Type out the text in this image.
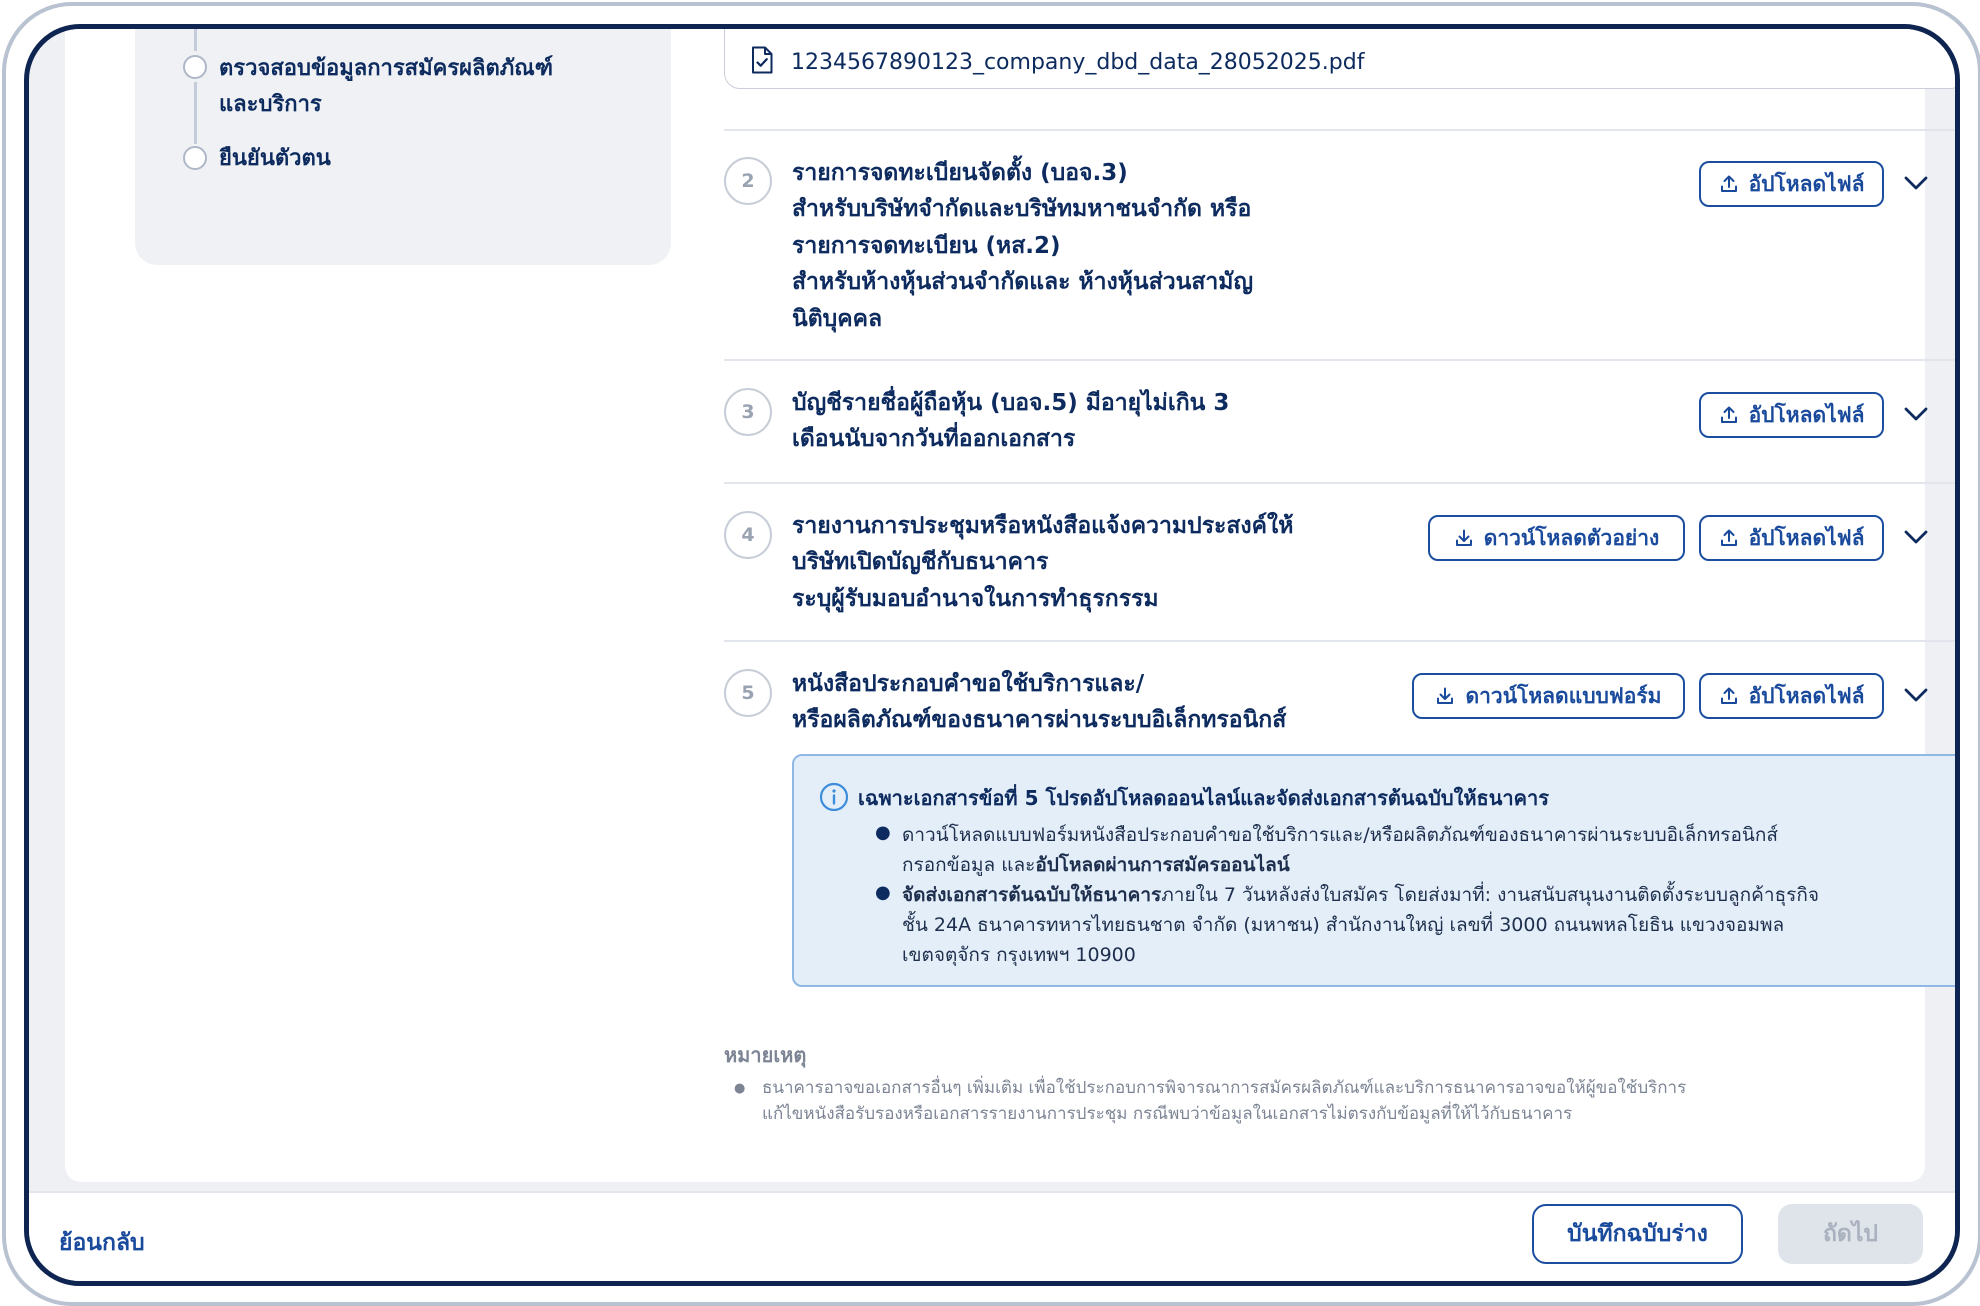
ตรวจสอบข้อมูลการสมัครผลิตภัณฑ์
และบริการ
ยืนยันตัวตน
1234567890123_company_dbd_data_28052025.pdf
2	รายการจดทะเบียนจัดตั้ง (บอจ.3)
สำหรับบริษัทจำกัดและบริษัทมหาชนจำกัด หรือ
รายการจดทะเบียน (หส.2)
สำหรับห้างหุ้นส่วนจำกัดและ ห้างหุ้นส่วนสามัญ
นิติบุคคล
อัปโหลดไฟล์
3	บัญชีรายชื่อผู้ถือหุ้น (บอจ.5) มีอายุไม่เกิน 3
เดือนนับจากวันที่ออกเอกสาร
อัปโหลดไฟล์
4	รายงานการประชุมหรือหนังสือแจ้งความประสงค์ให้
บริษัทเปิดบัญชีกับธนาคาร
ระบุผู้รับมอบอำนาจในการทำธุรกรรม
ดาวน์โหลดตัวอย่าง	อัปโหลดไฟล์
5	หนังสือประกอบคำขอใช้บริการและ/
หรือผลิตภัณฑ์ของธนาคารผ่านระบบอิเล็กทรอนิกส์
ดาวน์โหลดแบบฟอร์ม	อัปโหลดไฟล์
เฉพาะเอกสารข้อที่ 5 โปรดอัปโหลดออนไลน์และจัดส่งเอกสารต้นฉบับให้ธนาคาร
● ดาวน์โหลดแบบฟอร์มหนังสือประกอบคำขอใช้บริการและ/หรือผลิตภัณฑ์ของธนาคารผ่านระบบอิเล็กทรอนิกส์
กรอกข้อมูล และอัปโหลดผ่านการสมัครออนไลน์
● จัดส่งเอกสารต้นฉบับให้ธนาคารภายใน 7 วันหลังส่งใบสมัคร โดยส่งมาที่: งานสนับสนุนงานติดตั้งระบบลูกค้าธุรกิจ
ชั้น 24A ธนาคารทหารไทยธนชาต จำกัด (มหาชน) สำนักงานใหญ่ เลขที่ 3000 ถนนพหลโยธิน แขวงจอมพล
เขตจตุจักร กรุงเทพฯ 10900
หมายเหตุ
● ธนาคารอาจขอเอกสารอื่นๆ เพิ่มเติม เพื่อใช้ประกอบการพิจารณาการสมัครผลิตภัณฑ์และบริการธนาคารอาจขอให้ผู้ขอใช้บริการ
แก้ไขหนังสือรับรองหรือเอกสารรายงานการประชุม กรณีพบว่าข้อมูลในเอกสารไม่ตรงกับข้อมูลที่ให้ไว้กับธนาคาร
ย้อนกลับ	บันทึกฉบับร่าง	ถัดไป
